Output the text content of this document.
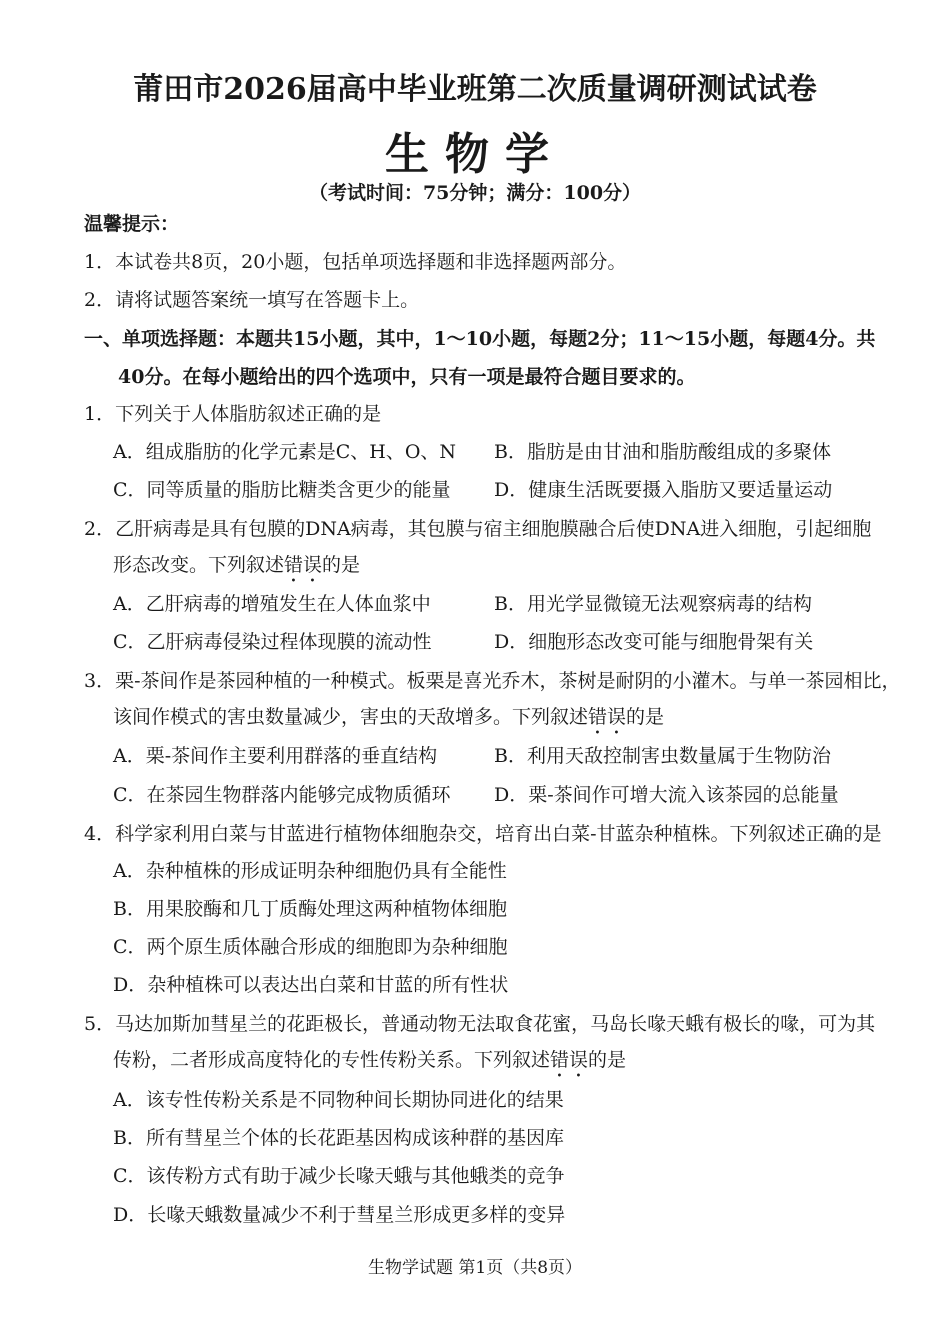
莆田市2026届高中毕业班第二次质量调研测试试卷
生物学
（考试时间：75分钟；满分：100分）
温馨提示：
1．本试卷共8页，20小题，包括单项选择题和非选择题两部分。
2．请将试题答案统一填写在答题卡上。
一、单项选择题：本题共15小题，其中，1～10小题，每题2分；11～15小题，每题4分。共
40分。在每小题给出的四个选项中，只有一项是最符合题目要求的。
1．下列关于人体脂肪叙述正确的是
A．组成脂肪的化学元素是C、H、O、N B．脂肪是由甘油和脂肪酸组成的多聚体
C．同等质量的脂肪比糖类含更少的能量 D．健康生活既要摄入脂肪又要适量运动
2．乙肝病毒是具有包膜的DNA病毒，其包膜与宿主细胞膜融合后使DNA进入细胞，引起细胞
形态改变。下列叙述错误的是
A．乙肝病毒的增殖发生在人体血浆中	B．用光学显微镜无法观察病毒的结构
C．乙肝病毒侵染过程体现膜的流动性	D．细胞形态改变可能与细胞骨架有关
3．栗-茶间作是茶园种植的一种模式。板栗是喜光乔木，茶树是耐阴的小灌木。与单一茶园相比，
该间作模式的害虫数量减少，害虫的天敌增多。下列叙述错误的是
A．栗-茶间作主要利用群落的垂直结构	B．利用天敌控制害虫数量属于生物防治
C．在茶园生物群落内能够完成物质循环 D．栗-茶间作可增大流入该茶园的总能量
4．科学家利用白菜与甘蓝进行植物体细胞杂交，培育出白菜-甘蓝杂种植株。下列叙述正确的是
A．杂种植株的形成证明杂种细胞仍具有全能性
B．用果胶酶和几丁质酶处理这两种植物体细胞
C．两个原生质体融合形成的细胞即为杂种细胞
D．杂种植株可以表达出白菜和甘蓝的所有性状
5．马达加斯加彗星兰的花距极长，普通动物无法取食花蜜，马岛长喙天蛾有极长的喙，可为其
传粉，二者形成高度特化的专性传粉关系。下列叙述错误的是
A．该专性传粉关系是不同物种间长期协同进化的结果
B．所有彗星兰个体的长花距基因构成该种群的基因库
C．该传粉方式有助于减少长喙天蛾与其他蛾类的竞争
D．长喙天蛾数量减少不利于彗星兰形成更多样的变异
生物学试题 第1页（共8页）
